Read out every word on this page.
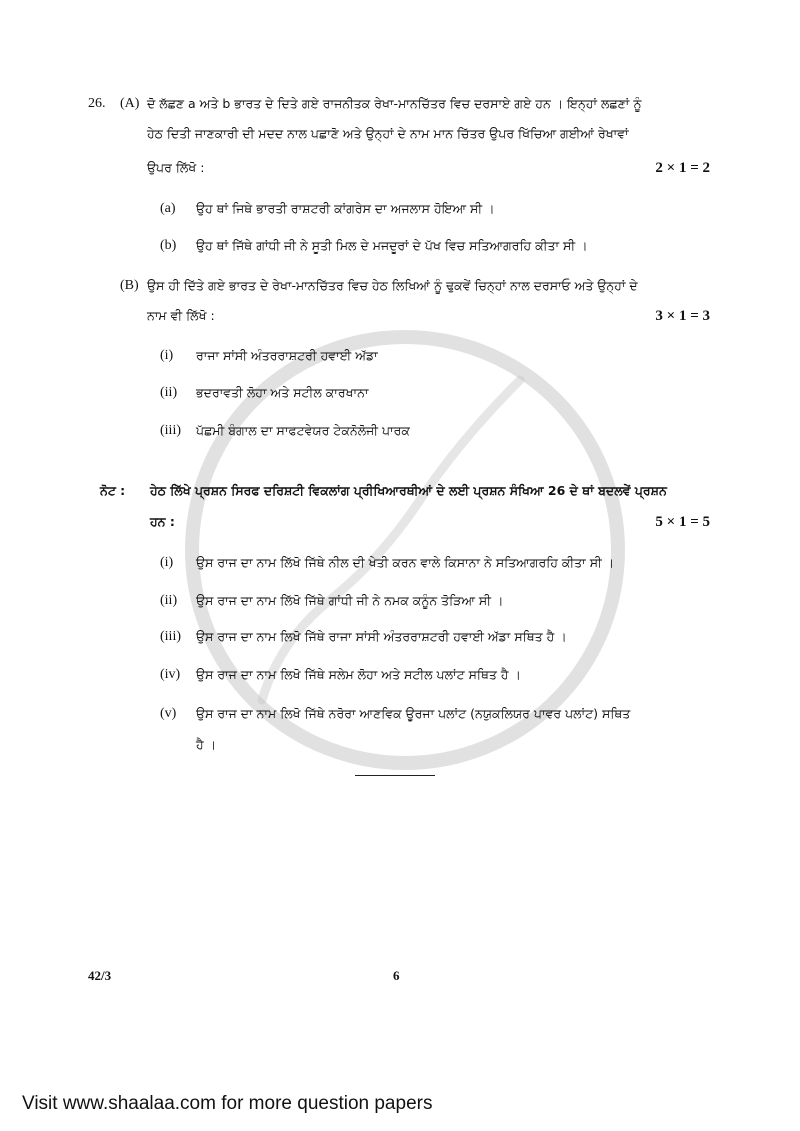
26. (A) ਦੋ ਲੱਛਣ a ਅਤੇ b ਭਾਰਤ ਦੇ ਦਿਤੇ ਗਏ ਰਾਜਨੀਤਕ ਰੇਖਾ-ਮਾਨਚਿੱਤਰ ਵਿਚ ਦਰਸਾਏ ਗਏ ਹਨ । ਇਨ੍ਹਾਂ ਲਛਣਾਂ ਨੂੰ
ਹੇਠ ਦਿਤੀ ਜਾਣਕਾਰੀ ਦੀ ਮਦਦ ਨਾਲ ਪਛਾਣੋ ਅਤੇ ਉਨ੍ਹਾਂ ਦੇ ਨਾਮ ਮਾਨ ਚਿੱਤਰ ਉਪਰ ਖਿੱਚਿਆ ਗਈਆਂ ਰੇਖਾਵਾਂ
ਉਪਰ ਲਿੱਖੋ :	2 × 1 = 2
(a) ਉਹ ਥਾਂ ਜਿਥੇ ਭਾਰਤੀ ਰਾਸ਼ਟਰੀ ਕਾਂਗਰੇਸ ਦਾ ਅਜਲਾਸ ਹੋਇਆ ਸੀ ।
(b) ਉਹ ਥਾਂ ਜਿੱਥੇ ਗਾਂਧੀ ਜੀ ਨੇ ਸੂਤੀ ਮਿਲ ਦੇ ਮਜਦੂਰਾਂ ਦੇ ਪੱਖ ਵਿਚ ਸਤਿਆਗਰਹਿ ਕੀਤਾ ਸੀ ।
(B) ਉਸ ਹੀ ਦਿੱਤੇ ਗਏ ਭਾਰਤ ਦੇ ਰੇਖਾ-ਮਾਨਚਿੱਤਰ ਵਿਚ ਹੇਠ ਲਿਖਿਆਂ ਨੂੰ ਢੁਕਵੇਂ ਚਿਨ੍ਹਾਂ ਨਾਲ ਦਰਸਾਓ ਅਤੇ ਉਨ੍ਹਾਂ ਦੇ
ਨਾਮ ਵੀ ਲਿੱਖੋ :	3 × 1 = 3
(i) ਰਾਜਾ ਸਾਂਸੀ ਅੰਤਰਰਾਸ਼ਟਰੀ ਹਵਾਈ ਅੱਡਾ
(ii) ਭਦਰਾਵਤੀ ਲੋਹਾ ਅਤੇ ਸਟੀਲ ਕਾਰਖਾਨਾ
(iii) ਪੱਛਮੀ ਬੰਗਾਲ ਦਾ ਸਾਫਟਵੇਯਰ ਟੇਕਨੋਲੋਜੀ ਪਾਰਕ
ਨੋਟ : ਹੇਠ ਲਿੱਖੇ ਪ੍ਰਸ਼ਨ ਸਿਰਫ ਦਰਿਸ਼ਟੀ ਵਿਕਲਾਂਗ ਪ੍ਰੀਖਿਆਰਥੀਆਂ ਦੇ ਲਈ ਪ੍ਰਸ਼ਨ ਸੰਖਿਆ 26 ਦੇ ਥਾਂ ਬਦਲਵੇਂ ਪ੍ਰਸ਼ਨ
ਹਨ :	5 × 1 = 5
(i) ਉਸ ਰਾਜ ਦਾ ਨਾਮ ਲਿੱਖੋ ਜਿੱਥੇ ਨੀਲ ਦੀ ਖੇਤੀ ਕਰਨ ਵਾਲੇ ਕਿਸਾਨਾ ਨੇ ਸਤਿਆਗਰਹਿ ਕੀਤਾ ਸੀ ।
(ii) ਉਸ ਰਾਜ ਦਾ ਨਾਮ ਲਿੱਖੋ ਜਿੱਥੇ ਗਾਂਧੀ ਜੀ ਨੇ ਨਮਕ ਕਨੂੰਨ ਤੋੜਿਆ ਸੀ ।
(iii) ਉਸ ਰਾਜ ਦਾ ਨਾਮ ਲਿਖੋ ਜਿੱਥੇ ਰਾਜਾ ਸਾਂਸੀ ਅੰਤਰਰਾਸ਼ਟਰੀ ਹਵਾਈ ਅੱਡਾ ਸਥਿਤ ਹੈ ।
(iv) ਉਸ ਰਾਜ ਦਾ ਨਾਮ ਲਿਖੋ ਜਿੱਥੇ ਸਲੇਮ ਲੋਹਾ ਅਤੇ ਸਟੀਲ ਪਲਾਂਟ ਸਥਿਤ ਹੈ ।
(v) ਉਸ ਰਾਜ ਦਾ ਨਾਮ ਲਿਖੋ ਜਿੱਥੇ ਨਰੋਰਾ ਆਣਵਿਕ ਊਰਜਾ ਪਲਾਂਟ (ਨਯੁਕਲਿਯਰ ਪਾਵਰ ਪਲਾਂਟ) ਸਥਿਤ
ਹੈ ।
42/3	6
Visit www.shaalaa.com for more question papers
